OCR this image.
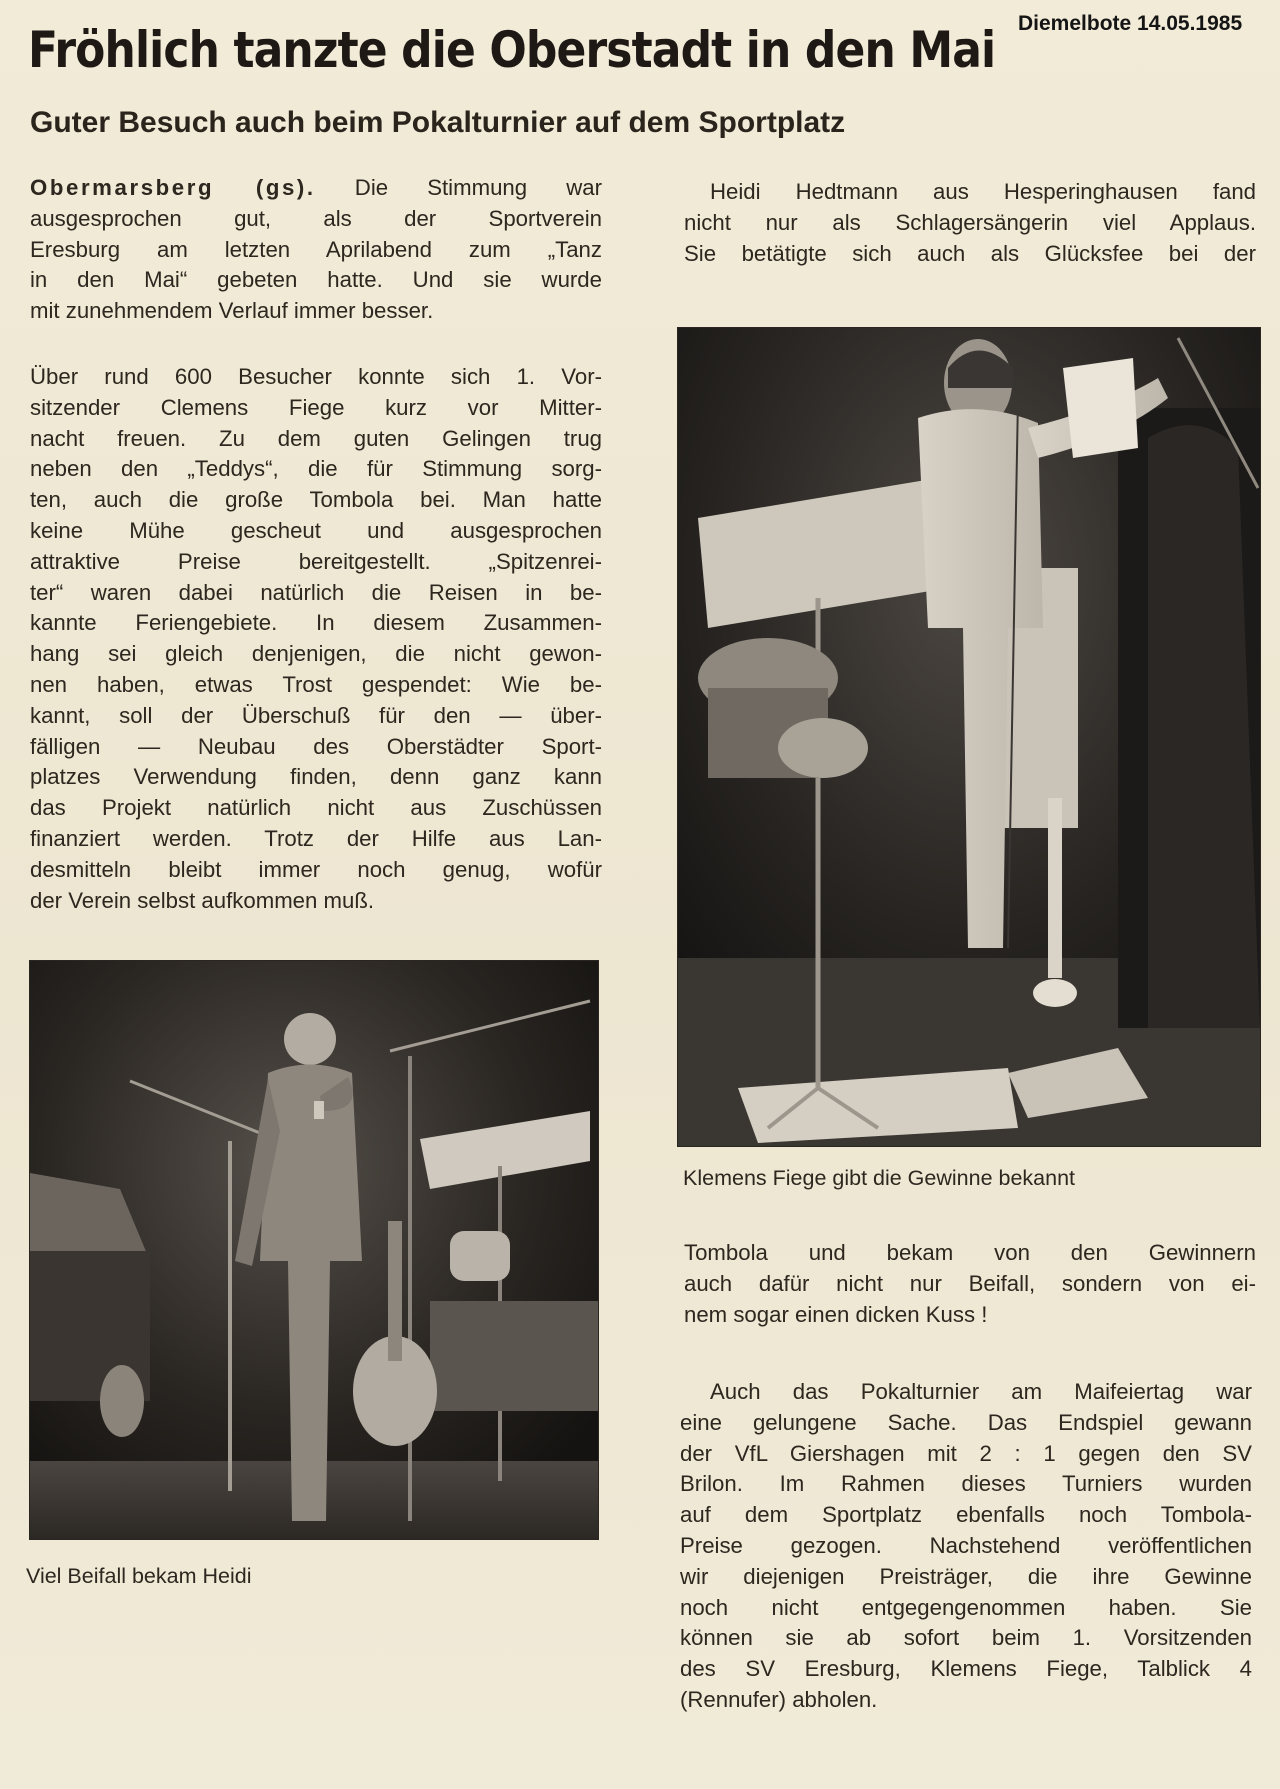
Diemelbote 14.05.1985
Fröhlich tanzte die Oberstadt in den Mai
Guter Besuch auch beim Pokalturnier auf dem Sportplatz
Obermarsberg (gs). Die Stimmung war
ausgesprochen gut, als der Sportverein
Eresburg am letzten Aprilabend zum „Tanz
in den Mai“ gebeten hatte. Und sie wurde
mit zunehmendem Verlauf immer besser.
Über rund 600 Besucher konnte sich 1. Vor-
sitzender Clemens Fiege kurz vor Mitter-
nacht freuen. Zu dem guten Gelingen trug
neben den „Teddys“, die für Stimmung sorg-
ten, auch die große Tombola bei. Man hatte
keine Mühe gescheut und ausgesprochen
attraktive Preise bereitgestellt. „Spitzenrei-
ter“ waren dabei natürlich die Reisen in be-
kannte Feriengebiete. In diesem Zusammen-
hang sei gleich denjenigen, die nicht gewon-
nen haben, etwas Trost gespendet: Wie be-
kannt, soll der Überschuß für den — über-
fälligen — Neubau des Oberstädter Sport-
platzes Verwendung finden, denn ganz kann
das Projekt natürlich nicht aus Zuschüssen
finanziert werden. Trotz der Hilfe aus Lan-
desmitteln bleibt immer noch genug, wofür
der Verein selbst aufkommen muß.
Viel Beifall bekam Heidi
Heidi Hedtmann aus Hesperinghausen fand
nicht nur als Schlagersängerin viel Applaus.
Sie betätigte sich auch als Glücksfee bei der
Klemens Fiege gibt die Gewinne bekannt
Tombola und bekam von den Gewinnern
auch dafür nicht nur Beifall, sondern von ei-
nem sogar einen dicken Kuss !
Auch das Pokalturnier am Maifeiertag war
eine gelungene Sache. Das Endspiel gewann
der VfL Giershagen mit 2 : 1 gegen den SV
Brilon. Im Rahmen dieses Turniers wurden
auf dem Sportplatz ebenfalls noch Tombola-
Preise gezogen. Nachstehend veröffentlichen
wir diejenigen Preisträger, die ihre Gewinne
noch nicht entgegengenommen haben. Sie
können sie ab sofort beim 1. Vorsitzenden
des SV Eresburg, Klemens Fiege, Talblick 4
(Rennufer) abholen.
